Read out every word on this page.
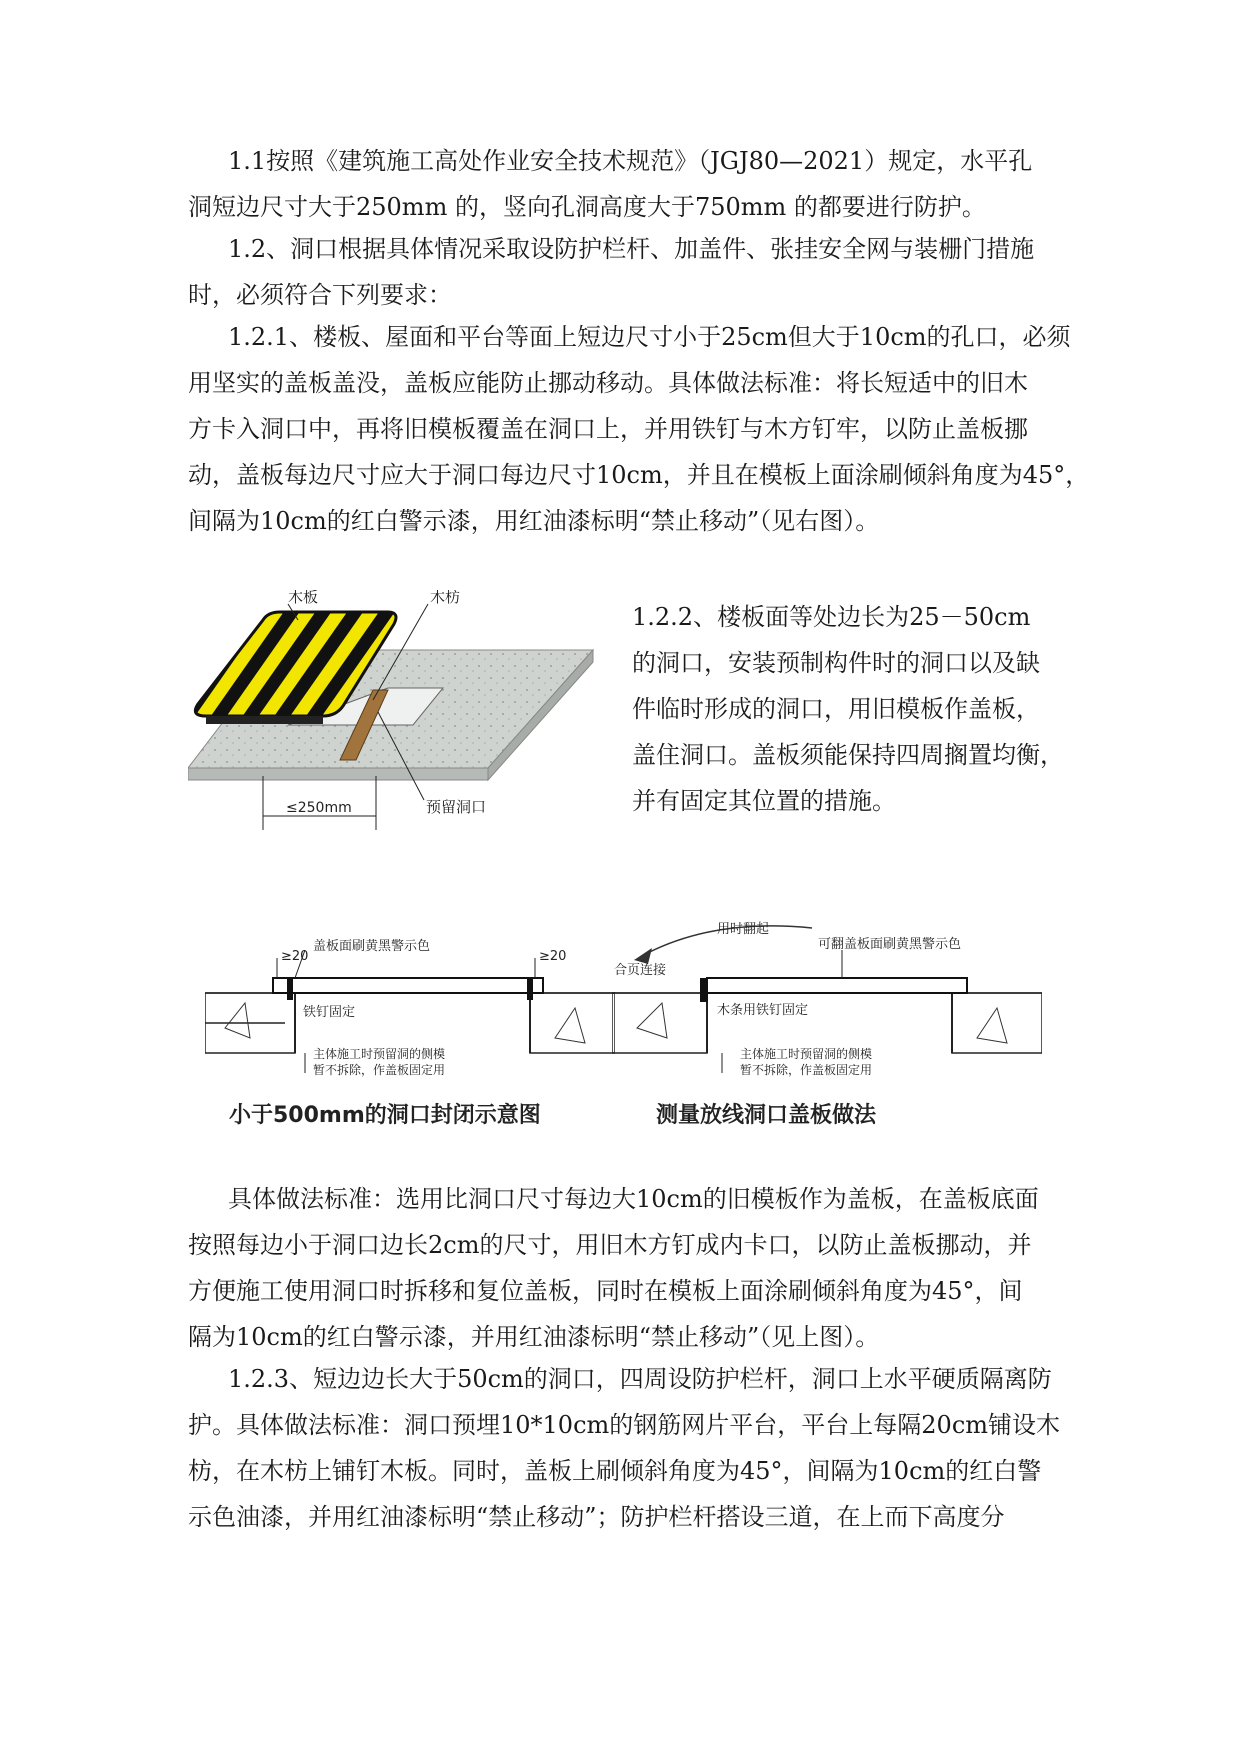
1.1按照《建筑施工高处作业安全技术规范》（JGJ80—2021）规定，水平孔
洞短边尺寸大于250mm 的，竖向孔洞高度大于750mm 的都要进行防护。

1.2、洞口根据具体情况采取设防护栏杆、加盖件、张挂安全网与装栅门措施
时，必须符合下列要求：

1.2.1、楼板、屋面和平台等面上短边尺寸小于25cm但大于10cm的孔口，必须
用坚实的盖板盖没，盖板应能防止挪动移动。具体做法标准：将长短适中的旧木
方卡入洞口中，再将旧模板覆盖在洞口上，并用铁钉与木方钉牢，以防止盖板挪
动，盖板每边尺寸应大于洞口每边尺寸10cm，并且在模板上面涂刷倾斜角度为45°，
间隔为10cm的红白警示漆，用红油漆标明“禁止移动”（见右图）。

木板	木枋
≤250mm	预留洞口

1.2.2、楼板面等处边长为25－50cm
的洞口，安装预制构件时的洞口以及缺
件临时形成的洞口，用旧模板作盖板，
盖住洞口。盖板须能保持四周搁置均衡，
并有固定其位置的措施。

≥20	≥20
盖板面刷黄黑警示色
铁钉固定
主体施工时预留洞的侧模
暂不拆除，作盖板固定用
小于500mm的洞口封闭示意图
用时翻起
可翻盖板面刷黄黑警示色
合页连接
木条用铁钉固定
主体施工时预留洞的侧模
暂不拆除，作盖板固定用
测量放线洞口盖板做法

具体做法标准：选用比洞口尺寸每边大10cm的旧模板作为盖板，在盖板底面
按照每边小于洞口边长2cm的尺寸，用旧木方钉成内卡口，以防止盖板挪动，并
方便施工使用洞口时拆移和复位盖板，同时在模板上面涂刷倾斜角度为45°，间
隔为10cm的红白警示漆，并用红油漆标明“禁止移动”（见上图）。

1.2.3、短边边长大于50cm的洞口，四周设防护栏杆，洞口上水平硬质隔离防
护。具体做法标准：洞口预埋10*10cm的钢筋网片平台，平台上每隔20cm铺设木
枋，在木枋上铺钉木板。同时，盖板上刷倾斜角度为45°，间隔为10cm的红白警
示色油漆，并用红油漆标明“禁止移动”；防护栏杆搭设三道，在上而下高度分
